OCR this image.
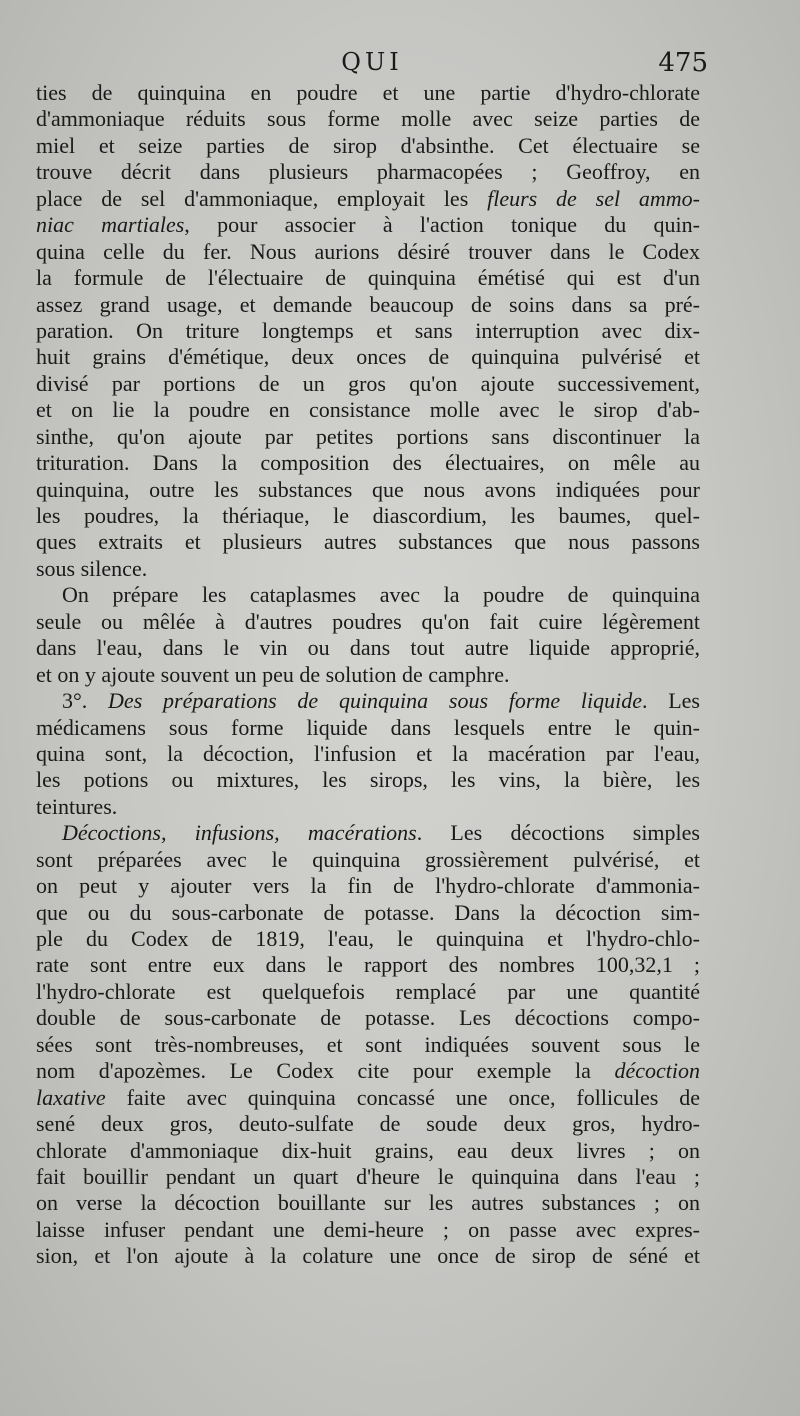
QUI	475
ties de quinquina en poudre et une partie d'hydro-chlorate
d'ammoniaque réduits sous forme molle avec seize parties de
miel et seize parties de sirop d'absinthe. Cet électuaire se
trouve décrit dans plusieurs pharmacopées ; Geoffroy, en
place de sel d'ammoniaque, employait les fleurs de sel ammo-
niac martiales, pour associer à l'action tonique du quin-
quina celle du fer. Nous aurions désiré trouver dans le Codex
la formule de l'électuaire de quinquina émétisé qui est d'un
assez grand usage, et demande beaucoup de soins dans sa pré-
paration. On triture longtemps et sans interruption avec dix-
huit grains d'émétique, deux onces de quinquina pulvérisé et
divisé par portions de un gros qu'on ajoute successivement,
et on lie la poudre en consistance molle avec le sirop d'ab-
sinthe, qu'on ajoute par petites portions sans discontinuer la
trituration. Dans la composition des électuaires, on mêle au
quinquina, outre les substances que nous avons indiquées pour
les poudres, la thériaque, le diascordium, les baumes, quel-
ques extraits et plusieurs autres substances que nous passons
sous silence.
On prépare les cataplasmes avec la poudre de quinquina
seule ou mêlée à d'autres poudres qu'on fait cuire légèrement
dans l'eau, dans le vin ou dans tout autre liquide approprié,
et on y ajoute souvent un peu de solution de camphre.
3°. Des préparations de quinquina sous forme liquide. Les
médicamens sous forme liquide dans lesquels entre le quin-
quina sont, la décoction, l'infusion et la macération par l'eau,
les potions ou mixtures, les sirops, les vins, la bière, les
teintures.
Décoctions, infusions, macérations. Les décoctions simples
sont préparées avec le quinquina grossièrement pulvérisé, et
on peut y ajouter vers la fin de l'hydro-chlorate d'ammonia-
que ou du sous-carbonate de potasse. Dans la décoction sim-
ple du Codex de 1819, l'eau, le quinquina et l'hydro-chlo-
rate sont entre eux dans le rapport des nombres 100,32,1 ;
l'hydro-chlorate est quelquefois remplacé par une quantité
double de sous-carbonate de potasse. Les décoctions compo-
sées sont très-nombreuses, et sont indiquées souvent sous le
nom d'apozèmes. Le Codex cite pour exemple la décoction
laxative faite avec quinquina concassé une once, follicules de
sené deux gros, deuto-sulfate de soude deux gros, hydro-
chlorate d'ammoniaque dix-huit grains, eau deux livres ; on
fait bouillir pendant un quart d'heure le quinquina dans l'eau ;
on verse la décoction bouillante sur les autres substances ; on
laisse infuser pendant une demi-heure ; on passe avec expres-
sion, et l'on ajoute à la colature une once de sirop de séné et
